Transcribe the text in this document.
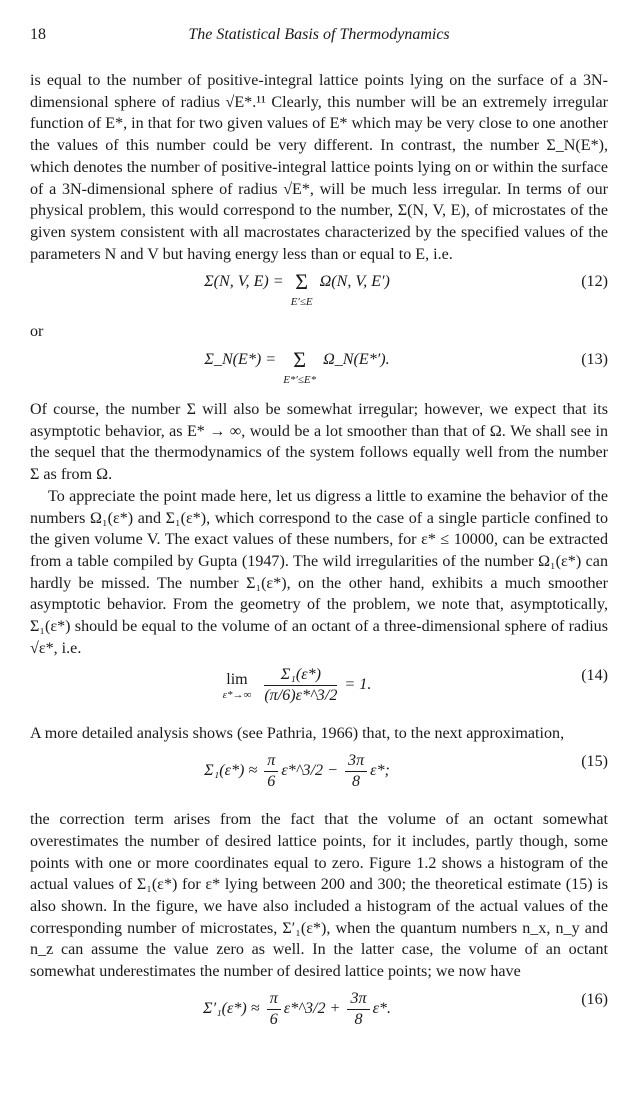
18	The Statistical Basis of Thermodynamics

is equal to the number of positive-integral lattice points lying on the surface of a 3N-dimensional sphere of radius √E*.¹¹ Clearly, this number will be an extremely irregular function of E*, in that for two given values of E* which may be very close to one another the values of this number could be very different. In contrast, the number Σ_N(E*), which denotes the number of positive-integral lattice points lying on or within the surface of a 3N-dimensional sphere of radius √E*, will be much less irregular. In terms of our physical problem, this would correspond to the number, Σ(N, V, E), of microstates of the given system consistent with all macrostates characterized by the specified values of the parameters N and V but having energy less than or equal to E, i.e.

Σ(N, V, E) = Σ
E′≤E
Ω(N, V, E′)	(12)

or

Σ_N(E*) = Σ
E*′≤E*
Ω_N(E*′).	(13)

Of course, the number Σ will also be somewhat irregular; however, we expect that its asymptotic behavior, as E* → ∞, would be a lot smoother than that of Ω. We shall see in the sequel that the thermodynamics of the system follows equally well from the number Σ as from Ω.

To appreciate the point made here, let us digress a little to examine the behavior of the numbers Ω₁(ε*) and Σ₁(ε*), which correspond to the case of a single particle confined to the given volume V. The exact values of these numbers, for ε* ≤ 10000, can be extracted from a table compiled by Gupta (1947). The wild irregularities of the number Ω₁(ε*) can hardly be missed. The number Σ₁(ε*), on the other hand, exhibits a much smoother asymptotic behavior. From the geometry of the problem, we note that, asymptotically, Σ₁(ε*) should be equal to the volume of an octant of a three-dimensional sphere of radius √ε*, i.e.

lim
ε*→∞
$\frac{\text{Σ₁(ε*)}}{(\pi/6)\varepsilon*\^{}3/2} = 1$.
(14)

A more detailed analysis shows (see Pathria, 1966) that, to the next approximation,

$\Sigma_1(\varepsilon*) \approx \frac{\pi}{6}$ ε*^3/2 − $\frac{3\pi}{8} \varepsilon*$;
(15)

the correction term arises from the fact that the volume of an octant somewhat overestimates the number of desired lattice points, for it includes, partly though, some points with one or more coordinates equal to zero. Figure 1.2 shows a histogram of the actual values of Σ₁(ε*) for ε* lying between 200 and 300; the theoretical estimate (15) is also shown. In the figure, we have also included a histogram of the actual values of the corresponding number of microstates, Σ′₁(ε*), when the quantum numbers n_x, n_y and n_z can assume the value zero as well. In the latter case, the volume of an octant somewhat underestimates the number of desired lattice points; we now have

$\Sigma'_1(\varepsilon*) \approx \frac{\pi}{6}$ ε*^3/2 + $\frac{3\pi}{8} \varepsilon*$.
(16)
